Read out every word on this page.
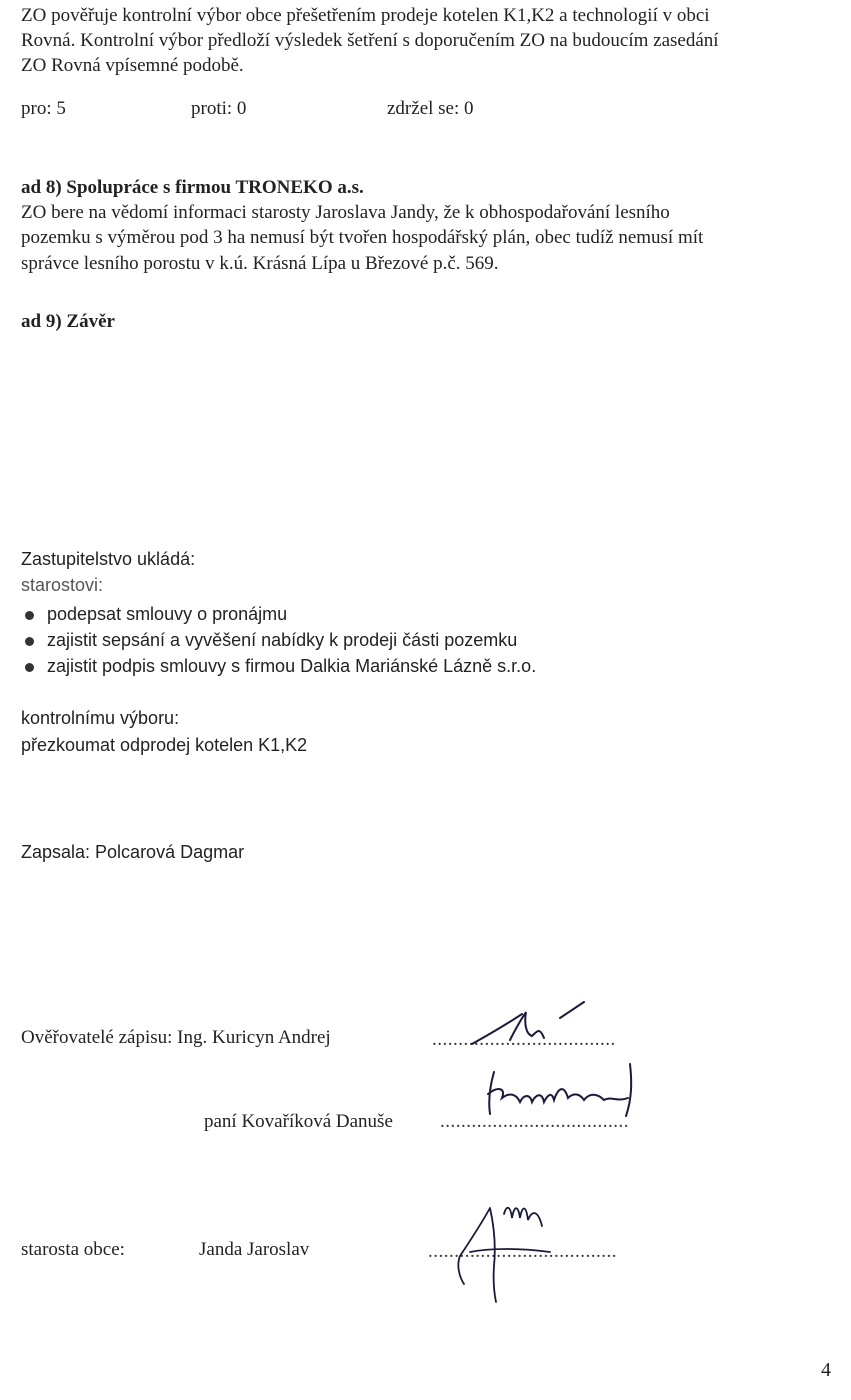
ZO pověřuje kontrolní výbor obce přešetřením prodeje kotelen K1,K2 a technologií v obci

Rovná. Kontrolní výbor předloží výsledek šetření s doporučením ZO na budoucím zasedání

ZO Rovná vpísemné podobě.

pro: 5	proti: 0	zdržel se: 0

ad 8) Spolupráce s firmou TRONEKO a.s.

ZO bere na vědomí informaci starosty Jaroslava Jandy, že k obhospodařování lesního

pozemku s výměrou pod 3 ha nemusí být tvořen hospodářský plán, obec tudíž nemusí mít

správce lesního porostu v k.ú. Krásná Lípa u Březové p.č. 569.

ad 9) Závěr

Zastupitelstvo ukládá:
starostovi:
podepsat smlouvy o pronájmu
zajistit sepsání a vyvěšení nabídky k prodeji části pozemku
zajistit podpis smlouvy s firmou Dalkia Mariánské Lázně s.r.o.
kontrolnímu výboru:
přezkoumat odprodej kotelen K1,K2
Zapsala: Polcarová Dagmar
Ověřovatelé zápisu: Ing. Kuricyn Andrej	...................................
paní Kovaříková Danuše ....................................
starosta obce:	Janda Jaroslav	....................................
4
